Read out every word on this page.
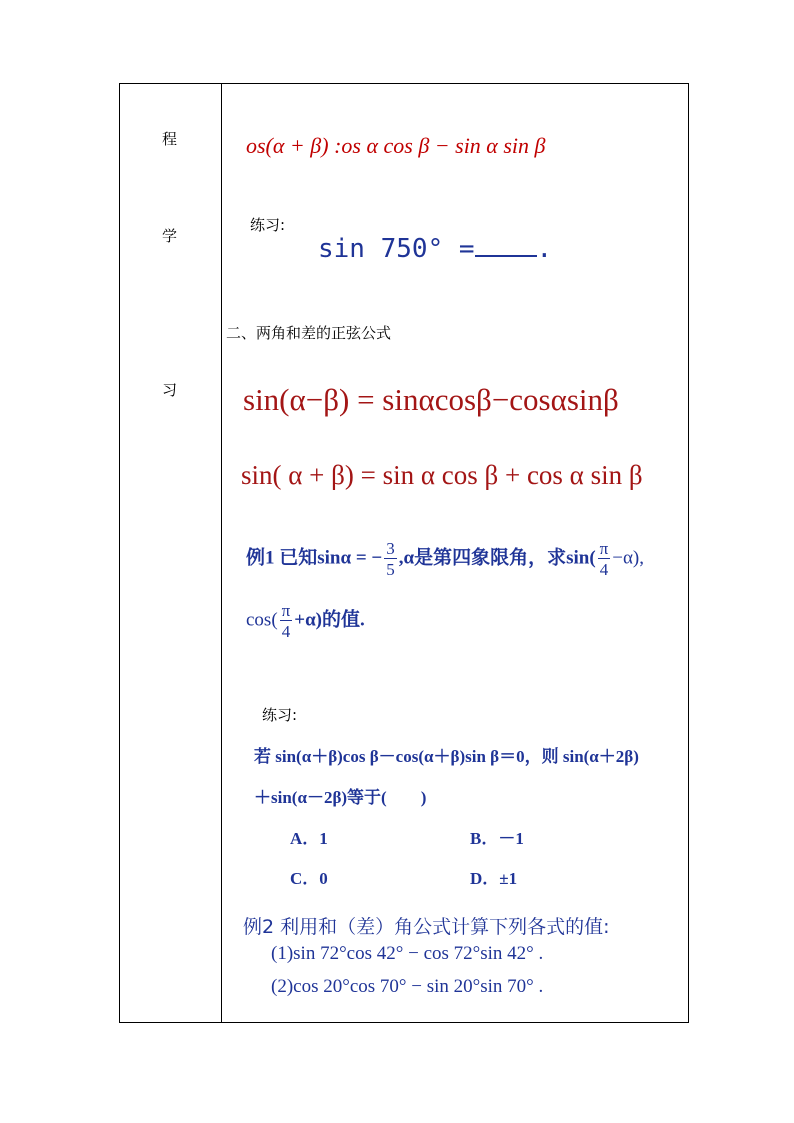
程
学
习
os(α + β) :os α cos β − sin α sin β
练习:
sin 750° = .
二、两角和差的正弦公式
sin(α−β) = sinαcosβ−cosαsinβ
sin( α + β) = sin α cos β + cos α sin β
例1 已知sinα = − $\frac{3}{5} ,\alpha$是第四象限角，求$\sin( \frac{\pi}{4} -\alpha)$,
$\cos( \frac{\pi}{4} +\alpha)$的值.
练习:
若 sin(α＋β)cos β－cos(α＋β)sin β＝0，则 sin(α＋2β)
＋sin(α－2β)等于(　　)
A．1	B．－1
C．0	D．±1
例2 利用和（差）角公式计算下列各式的值:
(1)sin 72°cos 42° − cos 72°sin 42° .
(2)cos 20°cos 70° − sin 20°sin 70° .
